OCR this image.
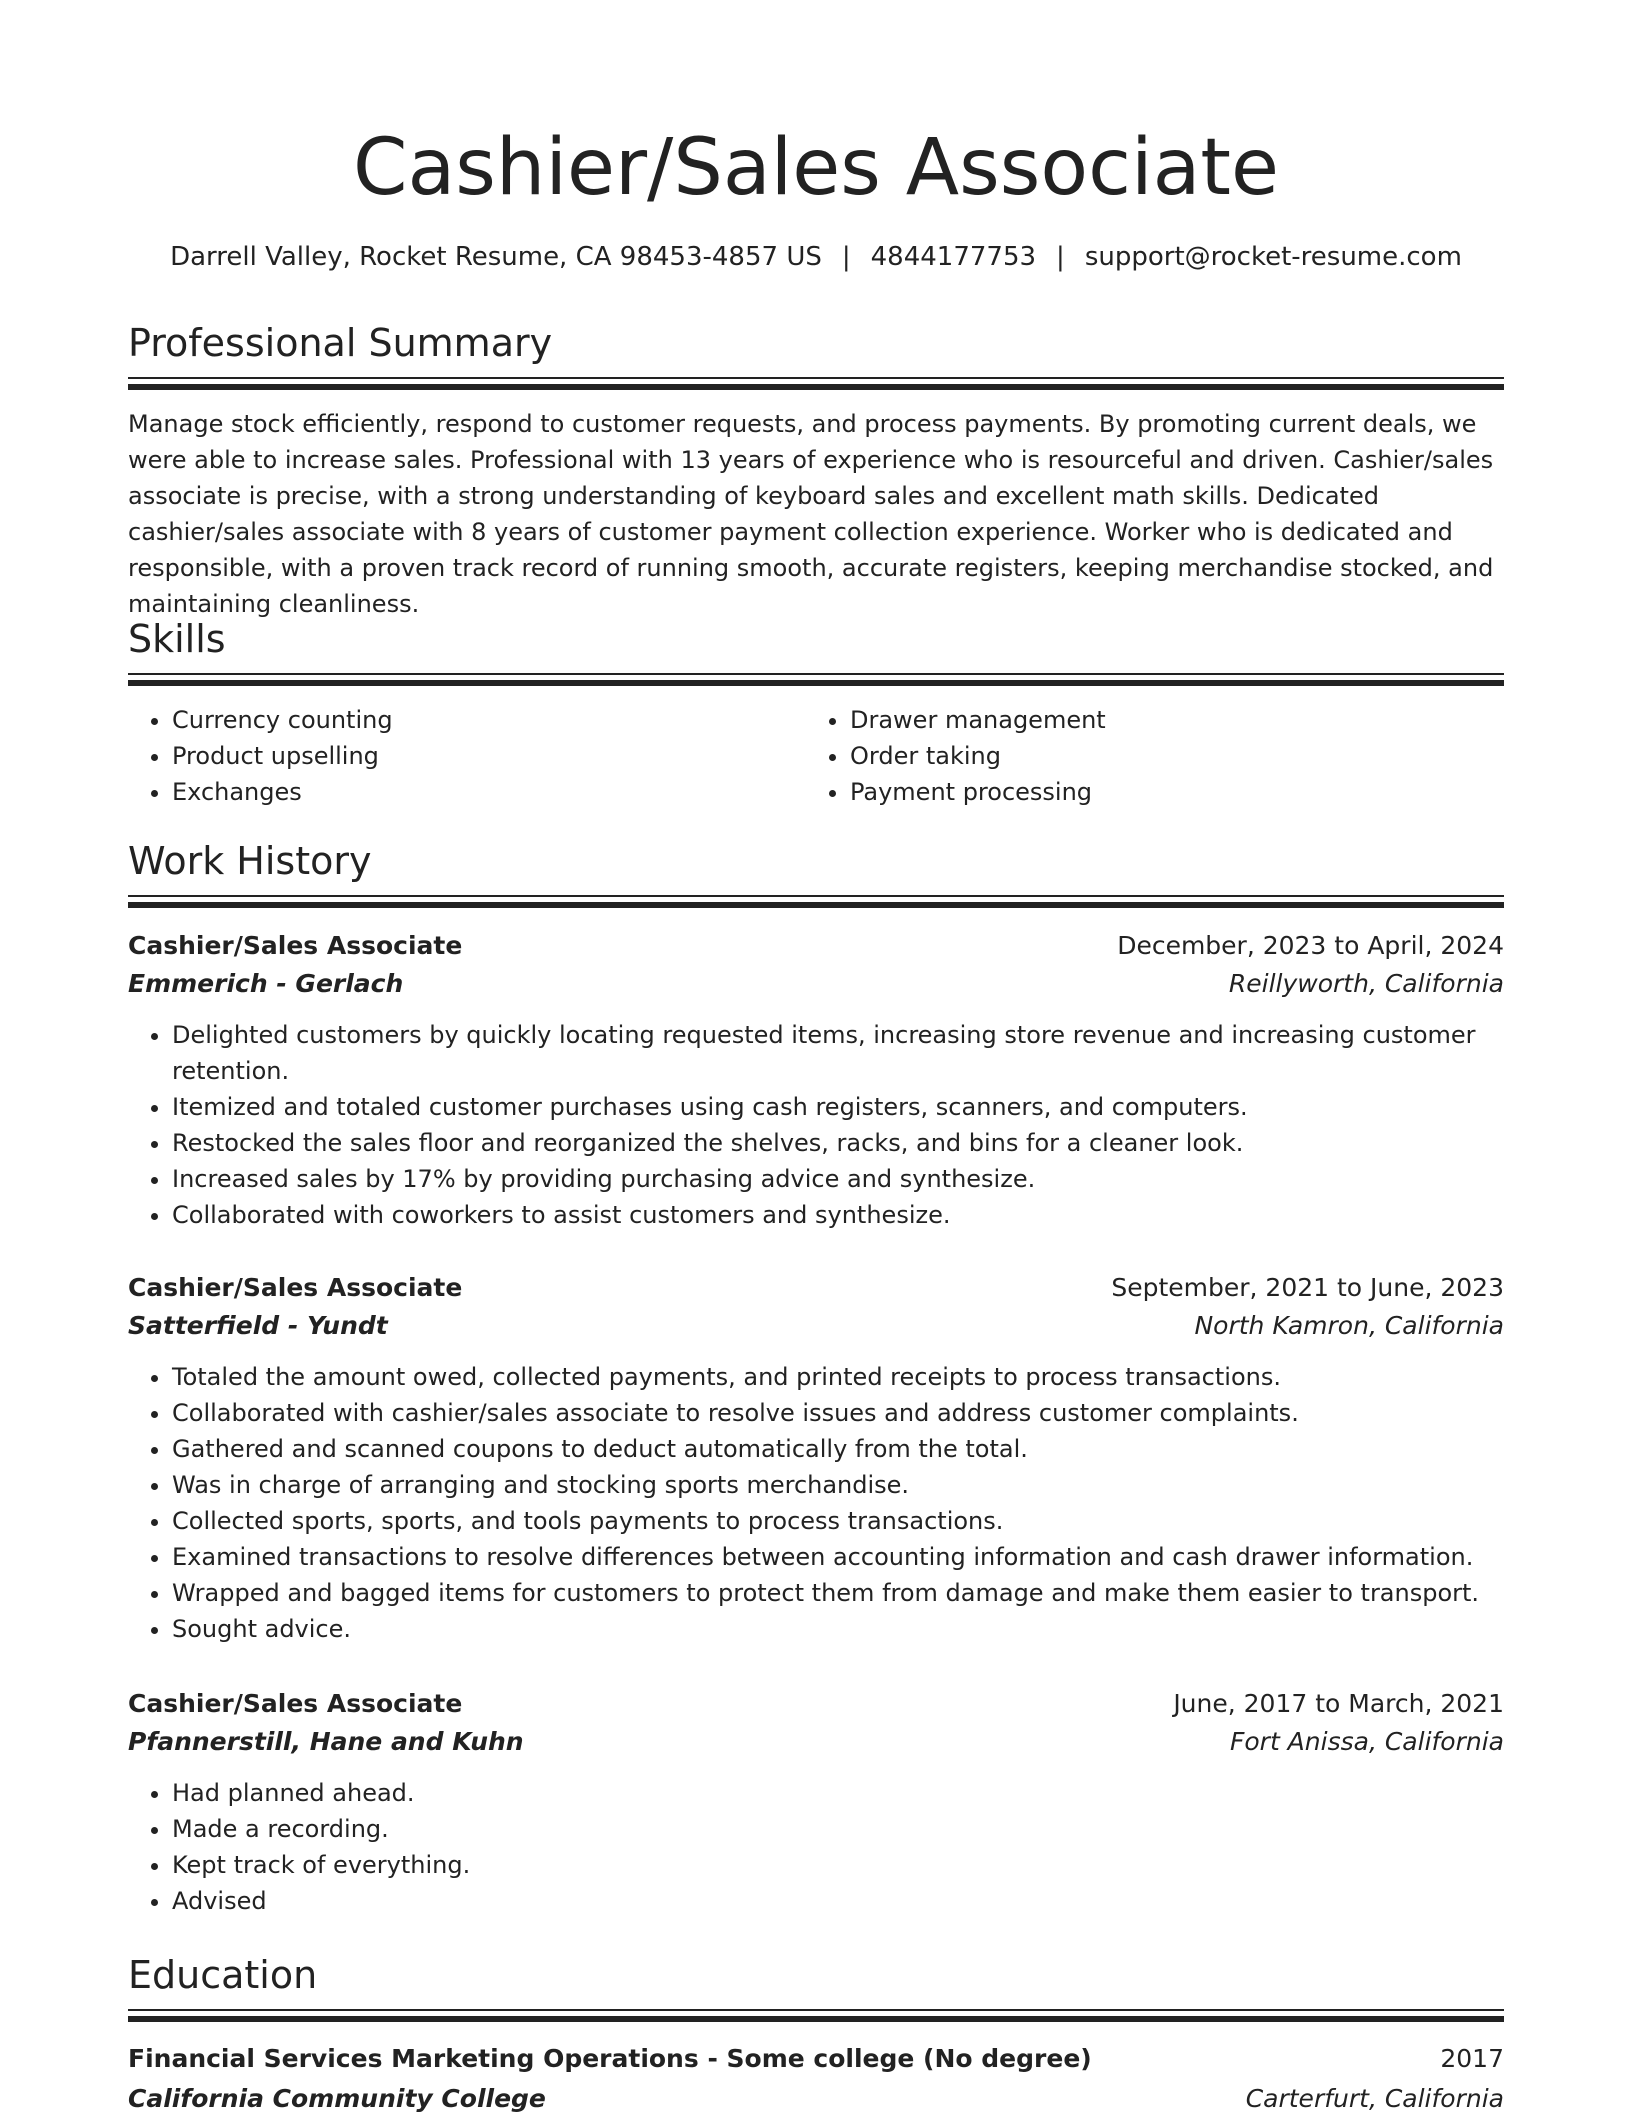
Cashier/Sales Associate
Darrell Valley, Rocket Resume, CA 98453-4857 US | 4844177753 | support@rocket-resume.com
Professional Summary
Manage stock efficiently, respond to customer requests, and process payments. By promoting current deals, we were able to increase sales. Professional with 13 years of experience who is resourceful and driven. Cashier/sales associate is precise, with a strong understanding of keyboard sales and excellent math skills. Dedicated cashier/sales associate with 8 years of customer payment collection experience. Worker who is dedicated and responsible, with a proven track record of running smooth, accurate registers, keeping merchandise stocked, and maintaining cleanliness.
Skills
• Currency counting
• Product upselling
• Exchanges
• Drawer management
• Order taking
• Payment processing
Work History
Cashier/Sales Associate	December, 2023 to April, 2024
Emmerich - Gerlach	Reillyworth, California
• Delighted customers by quickly locating requested items, increasing store revenue and increasing customer retention.
• Itemized and totaled customer purchases using cash registers, scanners, and computers.
• Restocked the sales floor and reorganized the shelves, racks, and bins for a cleaner look.
• Increased sales by 17% by providing purchasing advice and synthesize.
• Collaborated with coworkers to assist customers and synthesize.
Cashier/Sales Associate	September, 2021 to June, 2023
Satterfield - Yundt	North Kamron, California
• Totaled the amount owed, collected payments, and printed receipts to process transactions.
• Collaborated with cashier/sales associate to resolve issues and address customer complaints.
• Gathered and scanned coupons to deduct automatically from the total.
• Was in charge of arranging and stocking sports merchandise.
• Collected sports, sports, and tools payments to process transactions.
• Examined transactions to resolve differences between accounting information and cash drawer information.
• Wrapped and bagged items for customers to protect them from damage and make them easier to transport.
• Sought advice.
Cashier/Sales Associate	June, 2017 to March, 2021
Pfannerstill, Hane and Kuhn	Fort Anissa, California
• Had planned ahead.
• Made a recording.
• Kept track of everything.
• Advised
Education
Financial Services Marketing Operations - Some college (No degree)	2017
California Community College	Carterfurt, California
